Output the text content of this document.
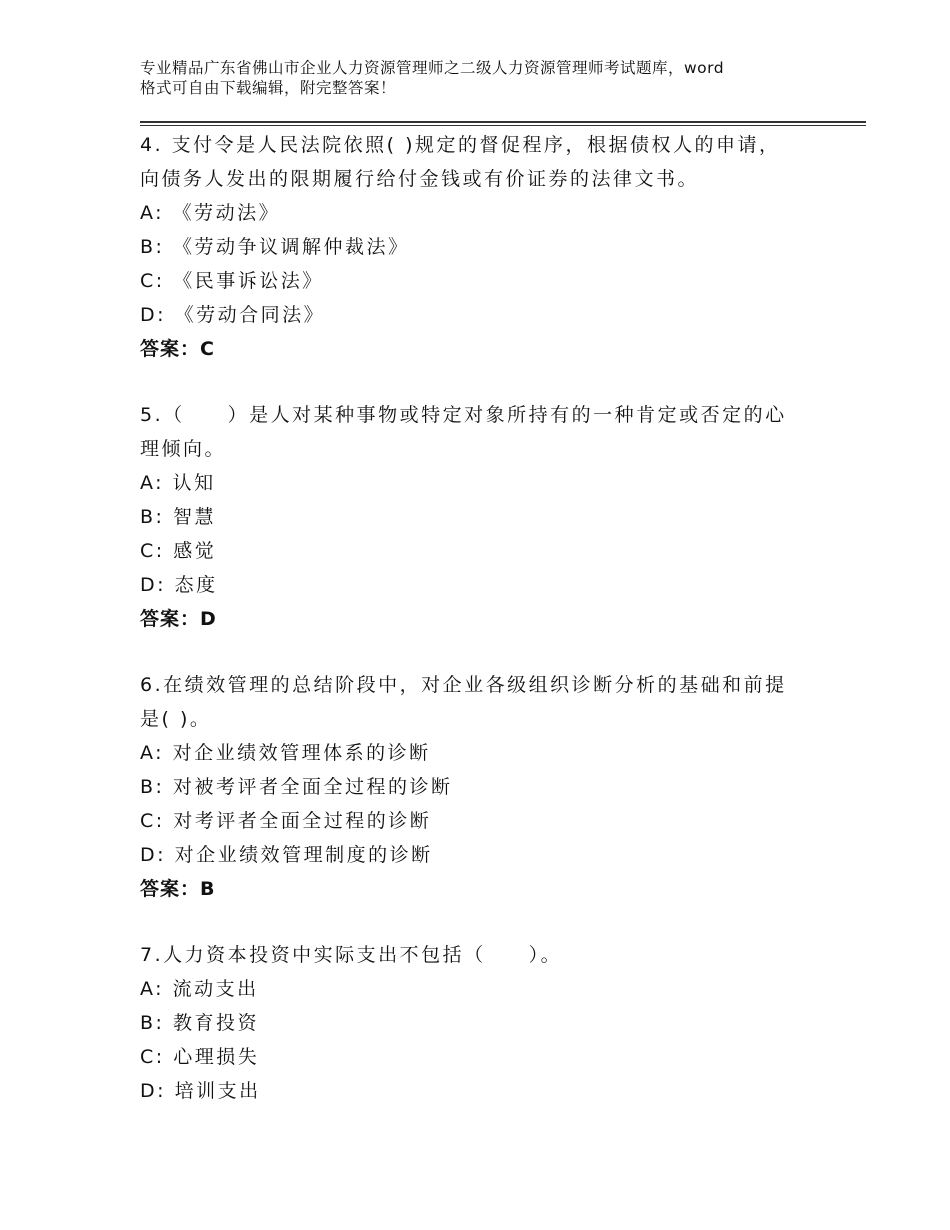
专业精品广东省佛山市企业人力资源管理师之二级人力资源管理师考试题库，word
格式可自由下载编辑，附完整答案！
4. 支付令是人民法院依照( )规定的督促程序，根据债权人的申请，
向债务人发出的限期履行给付金钱或有价证券的法律文书。
A: 《劳动法》
B: 《劳动争议调解仲裁法》
C: 《民事诉讼法》
D: 《劳动合同法》
答案：C
5.（　　）是人对某种事物或特定对象所持有的一种肯定或否定的心
理倾向。
A: 认知
B: 智慧
C: 感觉
D: 态度
答案：D
6.在绩效管理的总结阶段中，对企业各级组织诊断分析的基础和前提
是( )。
A: 对企业绩效管理体系的诊断
B: 对被考评者全面全过程的诊断
C: 对考评者全面全过程的诊断
D: 对企业绩效管理制度的诊断
答案：B
7.人力资本投资中实际支出不包括（　　）。
A: 流动支出
B: 教育投资
C: 心理损失
D: 培训支出
